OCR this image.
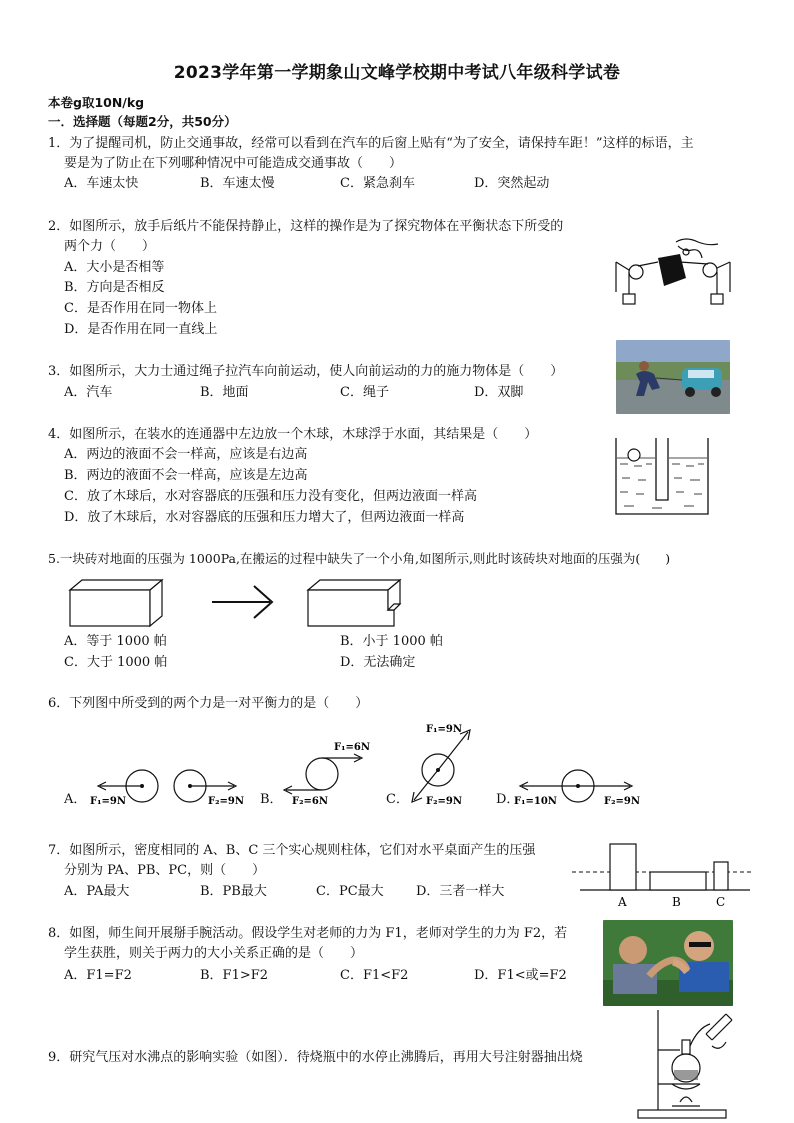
2023学年第一学期象山文峰学校期中考试八年级科学试卷
本卷g取10N/kg
一．选择题（每题2分，共50分）
1．为了提醒司机，防止交通事故，经常可以看到在汽车的后窗上贴有“为了安全，请保持车距！”这样的标语，主
要是为了防止在下列哪种情况中可能造成交通事故（　　）
A．车速太快	B．车速太慢	C．紧急刹车	D．突然起动
2．如图所示，放手后纸片不能保持静止，这样的操作是为了探究物体在平衡状态下所受的
两个力（　　）
A．大小是否相等
B．方向是否相反
C．是否作用在同一物体上
D．是否作用在同一直线上
3．如图所示，大力士通过绳子拉汽车向前运动，使人向前运动的力的施力物体是（　　）
A．汽车	B．地面	C．绳子	D．双脚
4．如图所示，在装水的连通器中左边放一个木球，木球浮于水面，其结果是（　　）
A．两边的液面不会一样高，应该是右边高
B．两边的液面不会一样高，应该是左边高
C．放了木球后，水对容器底的压强和压力没有变化，但两边液面一样高
D．放了木球后，水对容器底的压强和压力增大了，但两边液面一样高
5.一块砖对地面的压强为 1000Pa,在搬运的过程中缺失了一个小角,如图所示,则此时该砖块对地面的压强为(　　)
A．等于 1000 帕	B．小于 1000 帕
C．大于 1000 帕	D．无法确定
6．下列图中所受到的两个力是一对平衡力的是（　　）
A．	B．	C．	D．
F₁=9N	F₂=9N
F₁=6N
F₂=6N
F₁=9N
F₂=9N	F₁=10N	F₂=9N
7．如图所示，密度相同的 A、B、C 三个实心规则柱体，它们对水平桌面产生的压强
分别为 PA、PB、PC，则（　　）
A．PA最大	B．PB最大	C．PC最大 D．三者一样大
A	B	C
8．如图，师生间开展掰手腕活动。假设学生对老师的力为 F1，老师对学生的力为 F2，若
学生获胜，则关于两力的大小关系正确的是（　　）
A．F1=F2	B．F1>F2	C．F1<F2	D．F1<或=F2
9．研究气压对水沸点的影响实验（如图）．待烧瓶中的水停止沸腾后，再用大号注射器抽出烧
